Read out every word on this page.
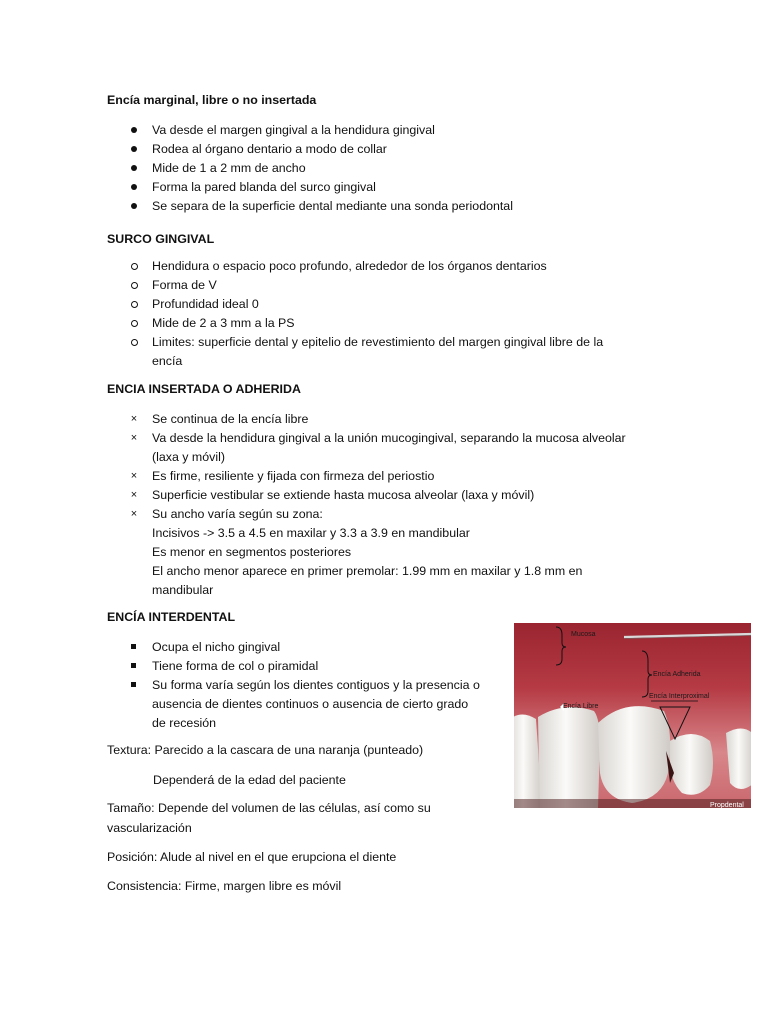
Encía marginal, libre o no insertada
Va desde el margen gingival a la hendidura gingival
Rodea al órgano dentario a modo de collar
Mide de 1 a 2 mm de ancho
Forma la pared blanda del surco gingival
Se separa de la superficie dental mediante una sonda periodontal
SURCO GINGIVAL
Hendidura o espacio poco profundo, alrededor de los órganos dentarios
Forma de V
Profundidad ideal 0
Mide de 2 a 3 mm a la PS
Limites: superficie dental y epitelio de revestimiento del margen gingival libre de la
encía
ENCIA INSERTADA O ADHERIDA
×	Se continua de la encía libre
×	Va desde la hendidura gingival a la unión mucogingival, separando la mucosa alveolar
(laxa y móvil)
×	Es firme, resiliente y fijada con firmeza del periostio
×	Superficie vestibular se extiende hasta mucosa alveolar (laxa y móvil)
×	Su ancho varía según su zona:
Incisivos -> 3.5 a 4.5 en maxilar y 3.3 a 3.9 en mandibular
Es menor en segmentos posteriores
El ancho menor aparece en primer premolar: 1.99 mm en maxilar y 1.8 mm en
mandibular
ENCÍA INTERDENTAL
Ocupa el nicho gingival
Tiene forma de col o piramidal
Su forma varía según los dientes contiguos y la presencia o
ausencia de dientes continuos o ausencia de cierto grado
de recesión
Textura: Parecido a la cascara de una naranja (punteado)
Dependerá de la edad del paciente
Tamaño: Depende del volumen de las células, así como su
vascularización
Posición: Alude al nivel en el que erupciona el diente
Consistencia: Firme, margen libre es móvil
Mucosa
Encía Adherida
Encía Interproximal
Encía Libre
Propdental
